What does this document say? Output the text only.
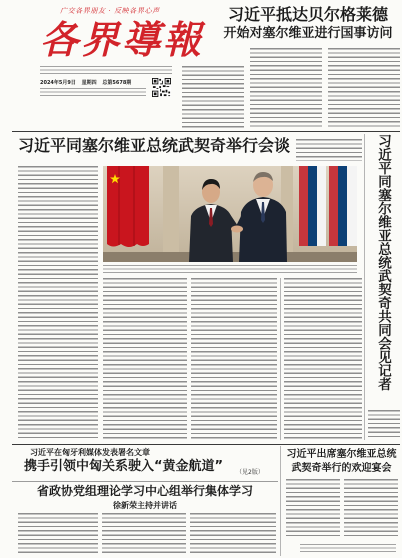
广交各界朋友 · 反映各界心声
各界導報
2024年5月9日 星期四 总第5678期
习近平抵达贝尔格莱德
开始对塞尔维亚进行国事访问
习近平同塞尔维亚总统武契奇举行会谈	习近平同塞尔维亚总统武契奇共同会见记者
习近平在匈牙利媒体发表署名文章
携手引领中匈关系驶入“黄金航道” （见2版）
省政协党组理论学习中心组举行集体学习
徐新荣主持并讲话
习近平出席塞尔维亚总统
武契奇举行的欢迎宴会
